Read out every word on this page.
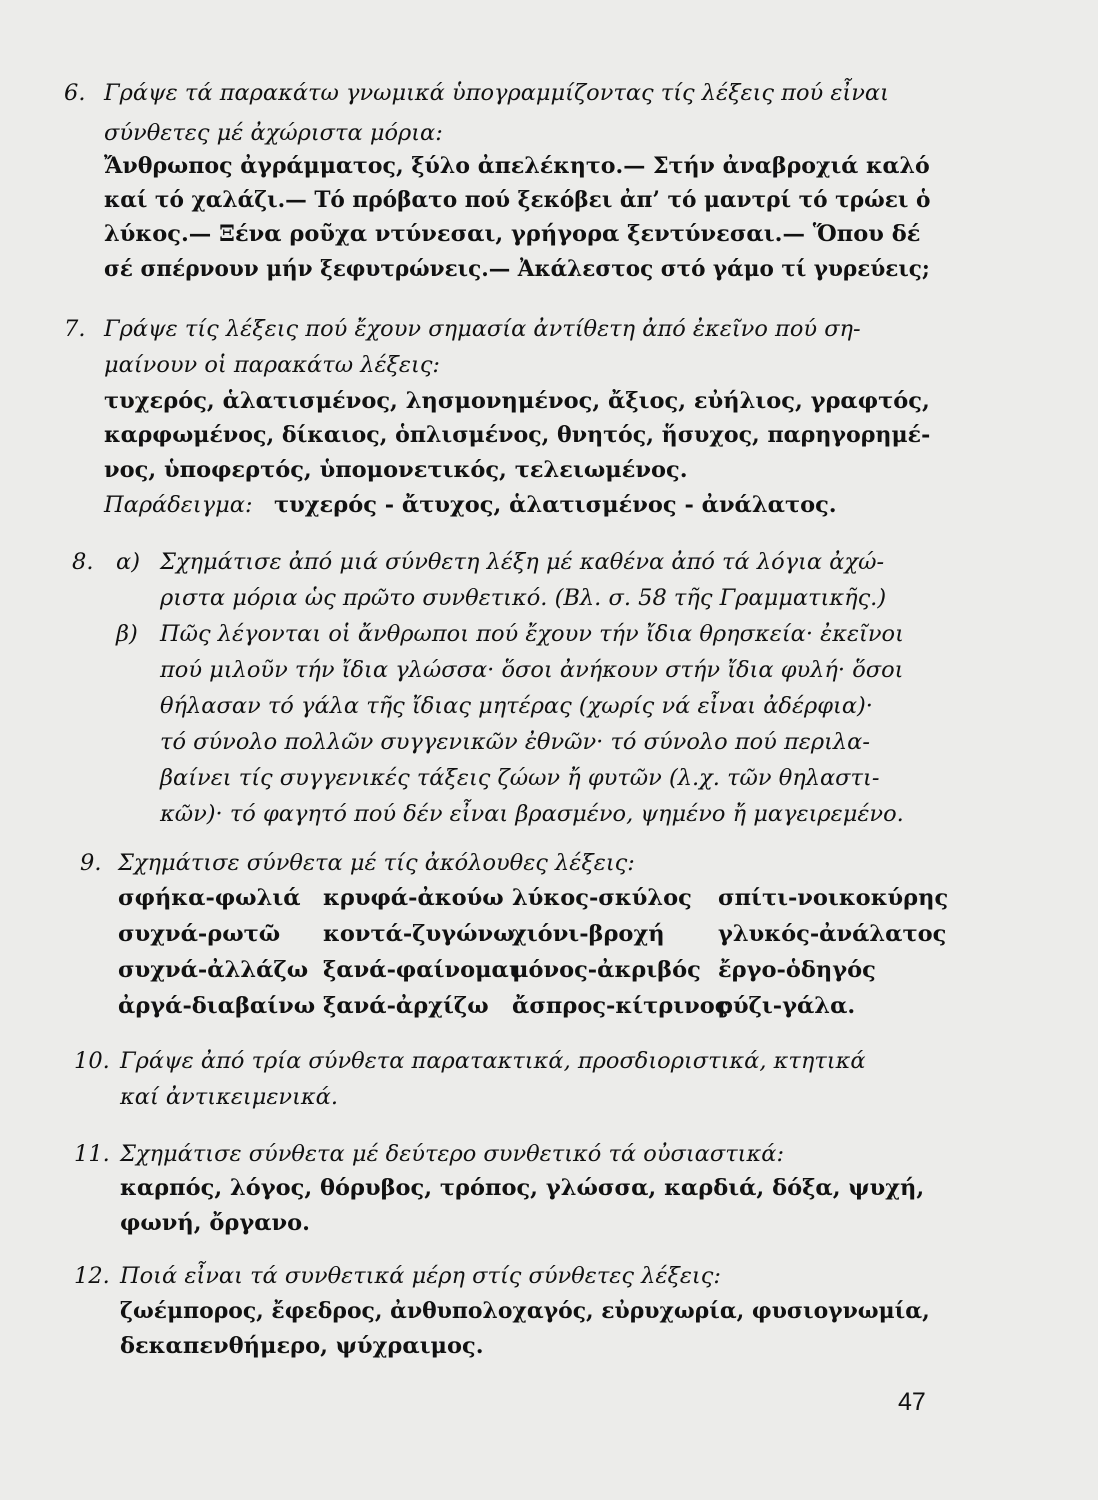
6. Γράψε τά παρακάτω γνωμικά ὑπογραμμίζοντας τίς λέξεις πού εἶναι
σύνθετες μέ ἀχώριστα μόρια:
Ἄνθρωπος ἀγράμματος, ξύλο ἀπελέκητο.— Στήν ἀναβροχιά καλό
καί τό χαλάζι.— Τό πρόβατο πού ξεκόβει ἀπ’ τό μαντρί τό τρώει ὁ
λύκος.— Ξένα ροῦχα ντύνεσαι, γρήγορα ξεντύνεσαι.— Ὅπου δέ
σέ σπέρνουν μήν ξεφυτρώνεις.— Ἀκάλεστος στό γάμο τί γυρεύεις;
7. Γράψε τίς λέξεις πού ἔχουν σημασία ἀντίθετη ἀπό ἐκεῖνο πού ση-
μαίνουν οἱ παρακάτω λέξεις:
τυχερός, ἁλατισμένος, λησμονημένος, ἄξιος, εὐήλιος, γραφτός,
καρφωμένος, δίκαιος, ὁπλισμένος, θνητός, ἥσυχος, παρηγορημέ-
νος, ὑποφερτός, ὑπομονετικός, τελειωμένος.
Παράδειγμα: τυχερός - ἄτυχος, ἁλατισμένος - ἀνάλατος.
8. α) Σχημάτισε ἀπό μιά σύνθετη λέξη μέ καθένα ἀπό τά λόγια ἀχώ-
ριστα μόρια ὡς πρῶτο συνθετικό. (Βλ. σ. 58 τῆς Γραμματικῆς.)
β) Πῶς λέγονται οἱ ἄνθρωποι πού ἔχουν τήν ἴδια θρησκεία· ἐκεῖνοι
πού μιλοῦν τήν ἴδια γλώσσα· ὅσοι ἀνήκουν στήν ἴδια φυλή· ὅσοι
θήλασαν τό γάλα τῆς ἴδιας μητέρας (χωρίς νά εἶναι ἀδέρφια)·
τό σύνολο πολλῶν συγγενικῶν ἐθνῶν· τό σύνολο πού περιλα-
βαίνει τίς συγγενικές τάξεις ζώων ἤ φυτῶν (λ.χ. τῶν θηλαστι-
κῶν)· τό φαγητό πού δέν εἶναι βρασμένο, ψημένο ἤ μαγειρεμένο.
9. Σχημάτισε σύνθετα μέ τίς ἀκόλουθες λέξεις:
σφήκα-φωλιά κρυφά-ἀκούω λύκος-σκύλος σπίτι-νοικοκύρης
συχνά-ρωτῶ κοντά-ζυγώνω
χιόνι-βροχή γλυκός-ἀνάλατος
συχνά-ἀλλάζω ξανά-φαίνομαι
μόνος-ἀκριβός ἔργο-ὁδηγός
ἀργά-διαβαίνω ξανά-ἀρχίζω ἄσπρος-κίτρινος
ρύζι-γάλα.
10. Γράψε ἀπό τρία σύνθετα παρατακτικά, προσδιοριστικά, κτητικά
καί ἀντικειμενικά.
11. Σχημάτισε σύνθετα μέ δεύτερο συνθετικό τά οὐσιαστικά:
καρπός, λόγος, θόρυβος, τρόπος, γλώσσα, καρδιά, δόξα, ψυχή,
φωνή, ὄργανο.
12. Ποιά εἶναι τά συνθετικά μέρη στίς σύνθετες λέξεις:
ζωέμπορος, ἔφεδρος, ἀνθυπολοχαγός, εὐρυχωρία, φυσιογνωμία,
δεκαπενθήμερο, ψύχραιμος.
47
